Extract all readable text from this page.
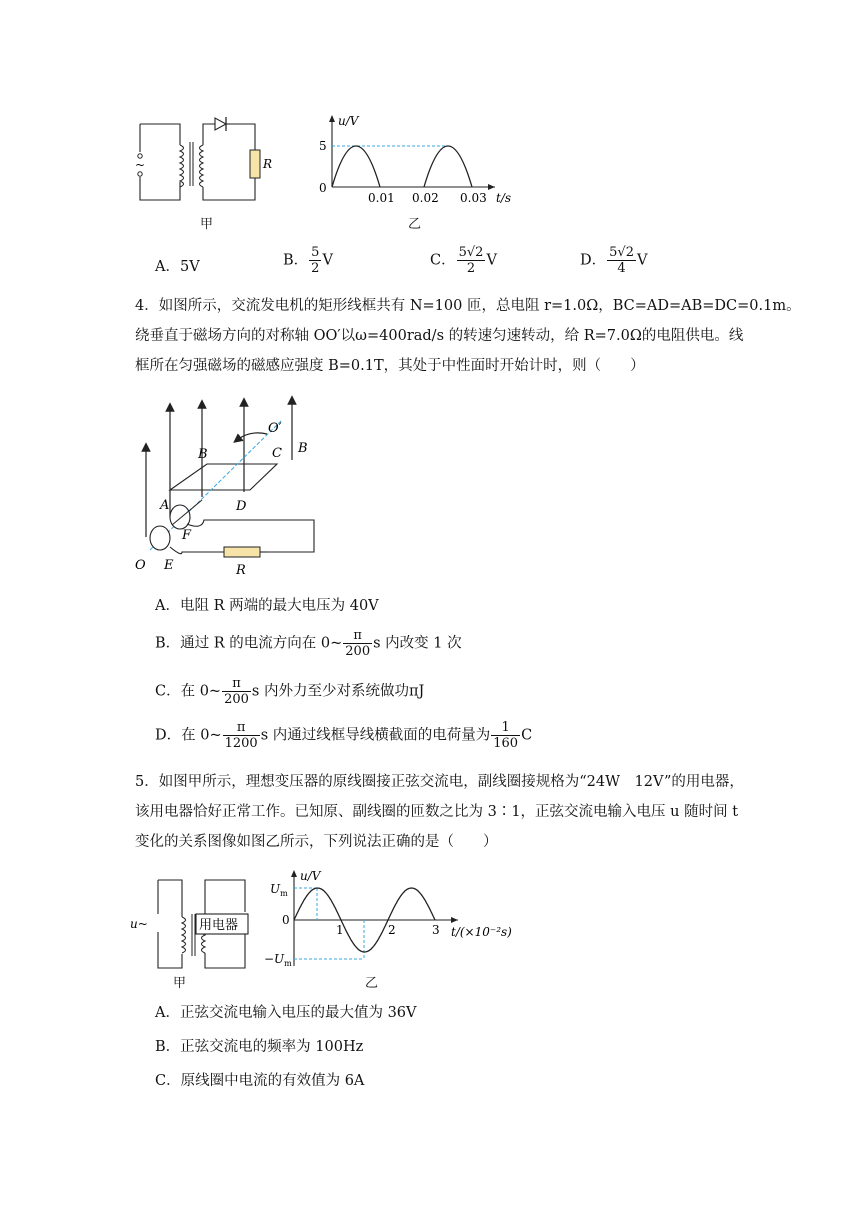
~	R
甲
u/V
5
0
0.01 0.02 0.03 t/s
乙
A．5V	B． $\frac{5}{2}$ V	C． $\frac{5√2}{2}$ V	D． $\frac{5√2}{4}$ V
4．如图所示，交流发电机的矩形线框共有 N=100 匝，总电阻 r=1.0Ω，BC=AD=AB=DC=0.1m。
绕垂直于磁场方向的对称轴 OO′以ω=400rad/s 的转速匀速转动，给 R=7.0Ω的电阻供电。线
框所在匀强磁场的磁感应强度 B=0.1T，其处于中性面时开始计时，则（　　）
O′
B
B	C
A	D
F
O E	R
A．电阻 R 两端的最大电压为 40V
B．通过 R 的电流方向在 0~ $\frac{\pi}{200}$ s 内改变 1 次
C．在 0~ $\frac{\pi}{200}$ s 内外力至少对系统做功πJ
D．在 0~ $\frac{\pi}{1200}$ s 内通过线框导线横截面的电荷量为 $\frac{1}{160}$ C
5．如图甲所示，理想变压器的原线圈接正弦交流电，副线圈接规格为“24W　12V”的用电器，
该用电器恰好正常工作。已知原、副线圈的匝数之比为 3∶1，正弦交流电输入电压 u 随时间 t
变化的关系图像如图乙所示，下列说法正确的是（　　）
u~	用电器
甲
u/V
$U_m$
0
$-U_m$
1	2	3 t/(×10⁻²s)
乙
A．正弦交流电输入电压的最大值为 36V
B．正弦交流电的频率为 100Hz
C．原线圈中电流的有效值为 6A
